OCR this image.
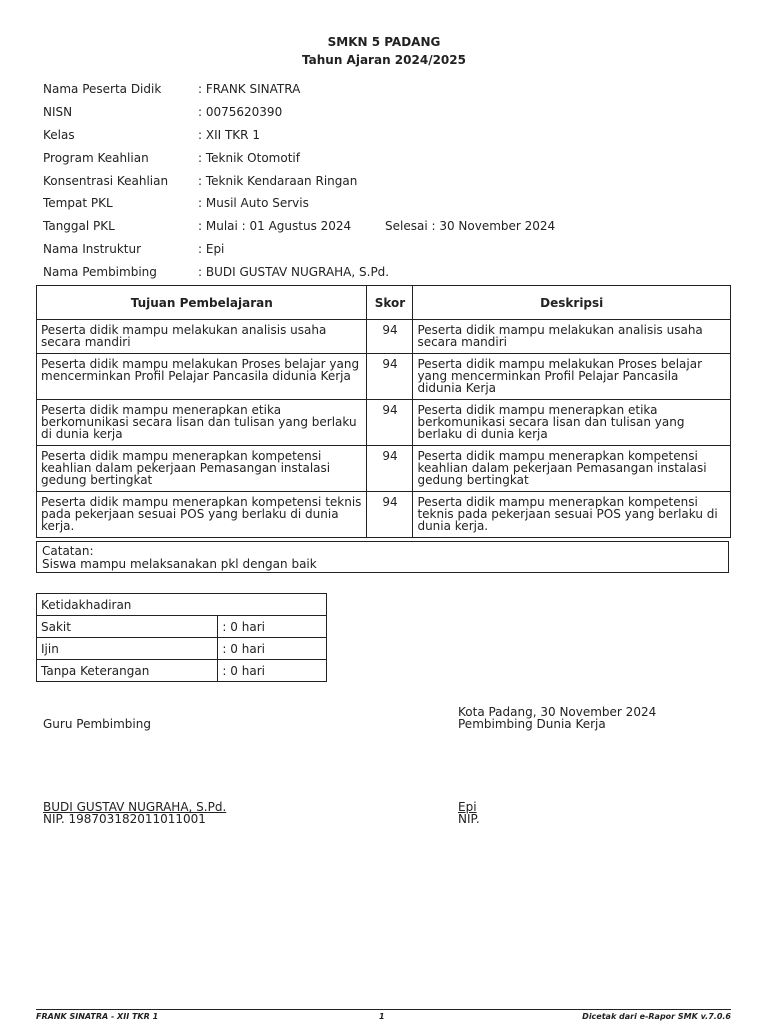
SMKN 5 PADANG
Tahun Ajaran 2024/2025
Nama Peserta Didik	: FRANK SINATRA
NISN	: 0075620390
Kelas	: XII TKR 1
Program Keahlian	: Teknik Otomotif
Konsentrasi Keahlian	: Teknik Kendaraan Ringan
Tempat PKL	: Musil Auto Servis
Tanggal PKL	: Mulai : 01 Agustus 2024	Selesai : 30 November 2024
Nama Instruktur	: Epi
Nama Pembimbing	: BUDI GUSTAV NUGRAHA, S.Pd.
Tujuan Pembelajaran	Skor	Deskripsi
Peserta didik mampu melakukan analisis usaha secara mandiri	94	Peserta didik mampu melakukan analisis usaha secara mandiri
Peserta didik mampu melakukan Proses belajar yang mencerminkan Profil Pelajar Pancasila didunia Kerja	94	Peserta didik mampu melakukan Proses belajar yang mencerminkan Profil Pelajar Pancasila didunia Kerja
Peserta didik mampu menerapkan etika berkomunikasi secara lisan dan tulisan yang berlaku di dunia kerja	94	Peserta didik mampu menerapkan etika berkomunikasi secara lisan dan tulisan yang berlaku di dunia kerja
Peserta didik mampu menerapkan kompetensi keahlian dalam pekerjaan Pemasangan instalasi gedung bertingkat	94	Peserta didik mampu menerapkan kompetensi keahlian dalam pekerjaan Pemasangan instalasi gedung bertingkat
Peserta didik mampu menerapkan kompetensi teknis pada pekerjaan sesuai POS yang berlaku di dunia kerja.	94	Peserta didik mampu menerapkan kompetensi teknis pada pekerjaan sesuai POS yang berlaku di dunia kerja.
Catatan:
Siswa mampu melaksanakan pkl dengan baik
Ketidakhadiran	
Sakit	: 0 hari
Ijin	: 0 hari
Tanpa Keterangan	: 0 hari
Guru Pembimbing
Kota Padang, 30 November 2024
Pembimbing Dunia Kerja
BUDI GUSTAV NUGRAHA, S.Pd.
NIP. 198703182011011001
Epi
NIP.
FRANK SINATRA - XII TKR 1	1	Dicetak dari e-Rapor SMK v.7.0.6
